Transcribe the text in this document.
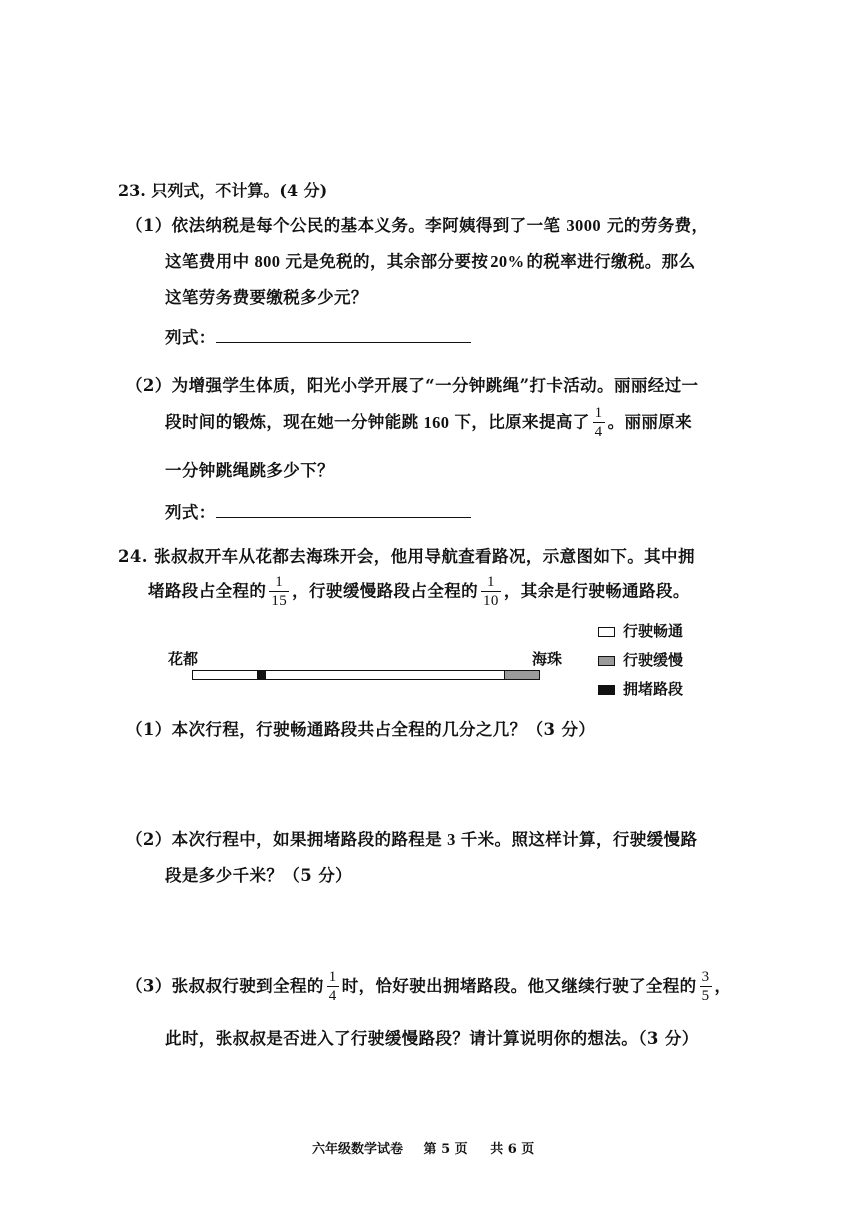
23. 只列式，不计算。(4 分)
（1）依法纳税是每个公民的基本义务。李阿姨得到了一笔 3000 元的劳务费，
这笔费用中 800 元是免税的，其余部分要按 20% 的税率进行缴税。那么
这笔劳务费要缴税多少元？
列式：
（2）为增强学生体质，阳光小学开展了“一分钟跳绳”打卡活动。丽丽经过一
段时间的锻炼，现在她一分钟能跳 160 下，比原来提高了 $\frac{1}{4}$ 。丽丽原来
一分钟跳绳跳多少下？
列式：
24. 张叔叔开车从花都去海珠开会，他用导航查看路况，示意图如下。其中拥
堵路段占全程的 $\frac{1}{15}$ ，行驶缓慢路段占全程的 $\frac{1}{10}$ ，其余是行驶畅通路段。
花都	海珠
行驶畅通
行驶缓慢
拥堵路段
（1）本次行程，行驶畅通路段共占全程的几分之几？（3 分）
（2）本次行程中，如果拥堵路段的路程是 3 千米。照这样计算，行驶缓慢路
段是多少千米？（5 分）
（3）张叔叔行驶到全程的 $\frac{1}{4}$ 时，恰好驶出拥堵路段。他又继续行驶了全程的 $\frac{3}{5}$ ，
此时，张叔叔是否进入了行驶缓慢路段？请计算说明你的想法。（3 分）
六年级数学试卷 第 5 页 共 6 页
